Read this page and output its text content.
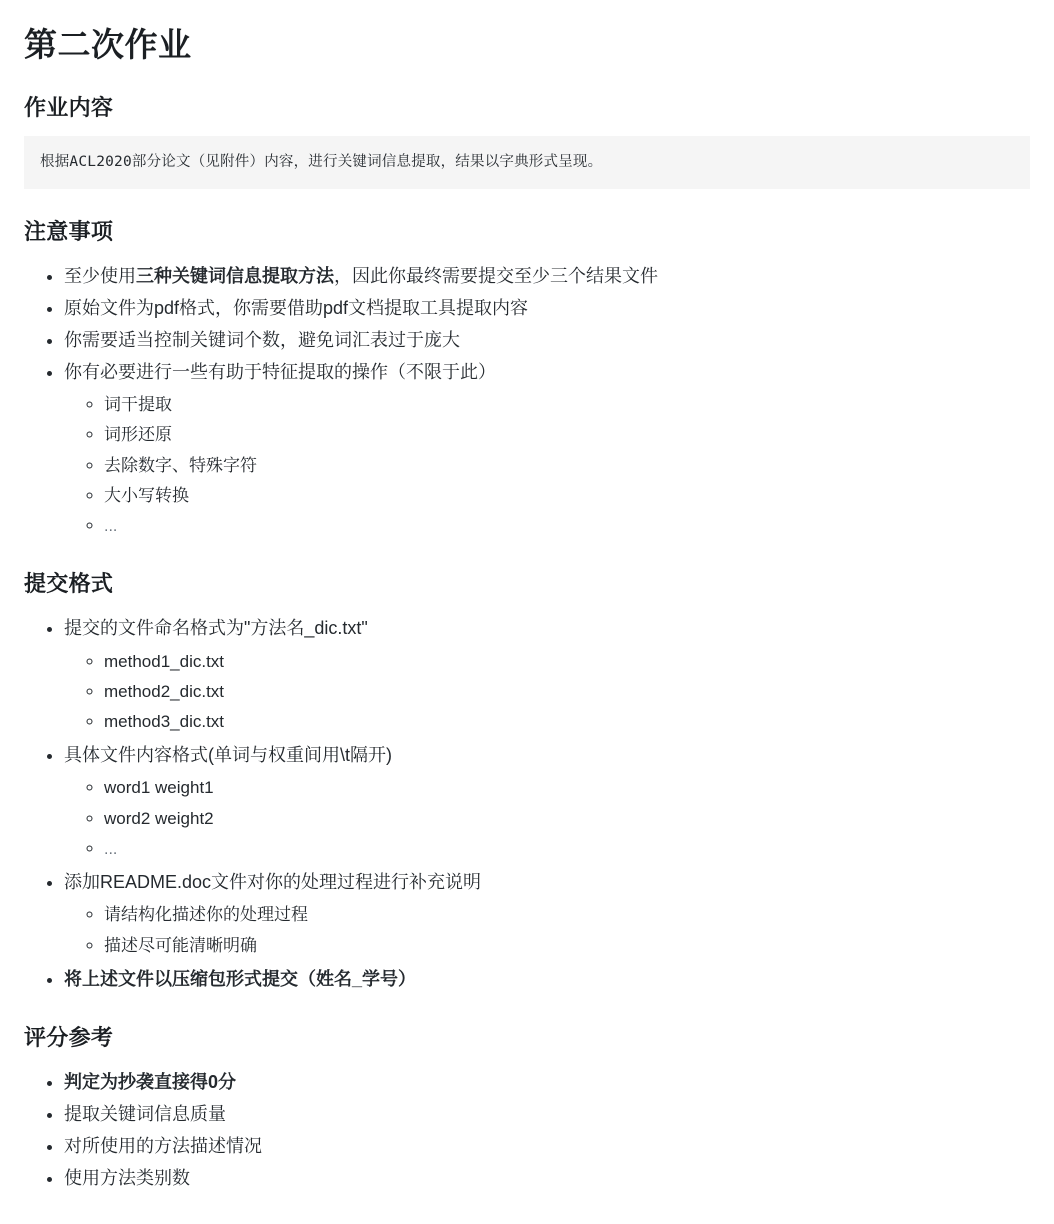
第二次作业
作业内容
根据ACL2020部分论文（见附件）内容，进行关键词信息提取，结果以字典形式呈现。
注意事项
• 至少使用三种关键词信息提取方法，因此你最终需要提交至少三个结果文件
• 原始文件为pdf格式，你需要借助pdf文档提取工具提取内容
• 你需要适当控制关键词个数，避免词汇表过于庞大
• 你有必要进行一些有助于特征提取的操作（不限于此）
◦ 词干提取
◦ 词形还原
◦ 去除数字、特殊字符
◦ 大小写转换
◦ ...
提交格式
• 提交的文件命名格式为"方法名_dic.txt"
◦ method1_dic.txt
◦ method2_dic.txt
◦ method3_dic.txt
• 具体文件内容格式(单词与权重间用\t隔开)
◦ word1 weight1
◦ word2 weight2
◦ ...
• 添加README.doc文件对你的处理过程进行补充说明
◦ 请结构化描述你的处理过程
◦ 描述尽可能清晰明确
• 将上述文件以压缩包形式提交（姓名_学号）
评分参考
• 判定为抄袭直接得0分
• 提取关键词信息质量
• 对所使用的方法描述情况
• 使用方法类别数
